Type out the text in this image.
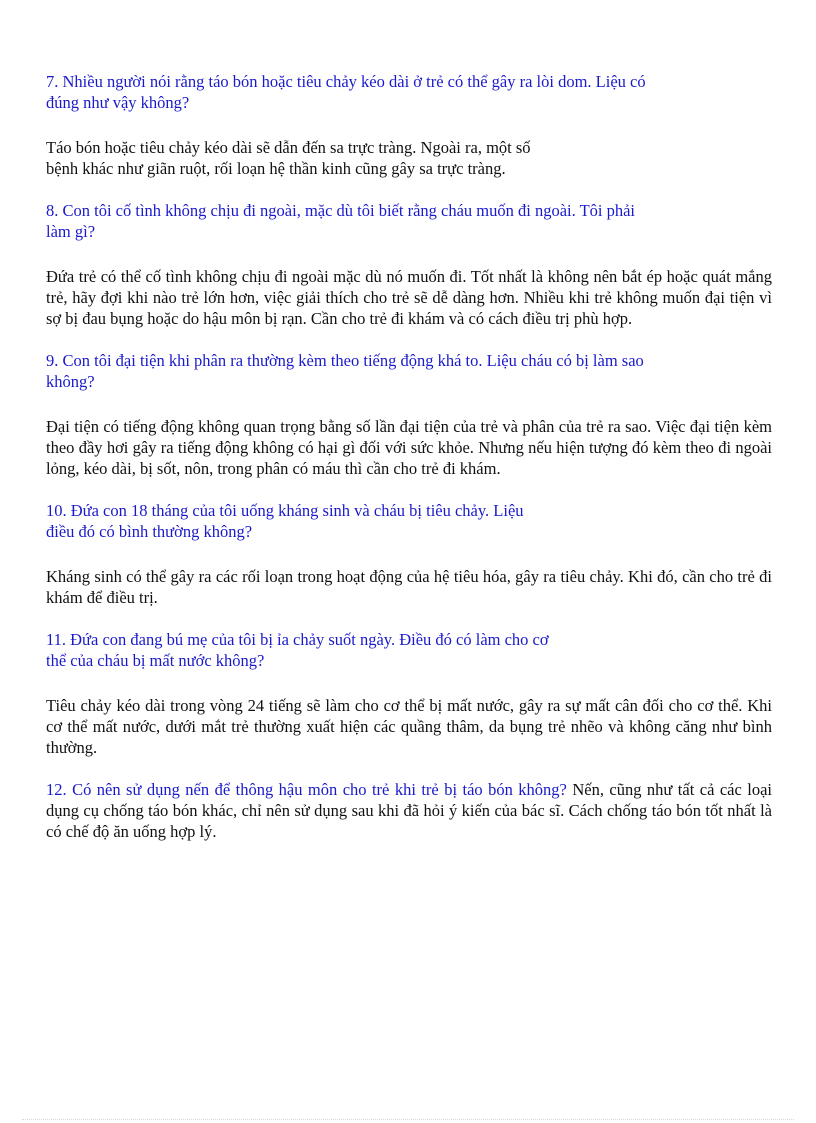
7. Nhiều người nói rằng táo bón hoặc tiêu chảy kéo dài ở trẻ có thể gây ra lòi dom. Liệu có
đúng như vậy không?

Táo bón hoặc tiêu chảy kéo dài sẽ dẫn đến sa trực tràng. Ngoài ra, một số
bệnh khác như giãn ruột, rối loạn hệ thần kinh cũng gây sa trực tràng.

8. Con tôi cố tình không chịu đi ngoài, mặc dù tôi biết rằng cháu muốn đi ngoài. Tôi phải
làm gì?

Đứa trẻ có thể cố tình không chịu đi ngoài mặc dù nó muốn đi. Tốt nhất là không nên bắt ép hoặc quát mắng trẻ, hãy đợi khi nào trẻ lớn hơn, việc giải thích cho trẻ sẽ dễ dàng hơn. Nhiều khi trẻ không muốn đại tiện vì sợ bị đau bụng hoặc do hậu môn bị rạn. Cần cho trẻ đi khám và có cách điều trị phù hợp.

9. Con tôi đại tiện khi phân ra thường kèm theo tiếng động khá to. Liệu cháu có bị làm sao
không?

Đại tiện có tiếng động không quan trọng bằng số lần đại tiện của trẻ và phân của trẻ ra sao. Việc đại tiện kèm theo đầy hơi gây ra tiếng động không có hại gì đối với sức khỏe. Nhưng nếu hiện tượng đó kèm theo đi ngoài lỏng, kéo dài, bị sốt, nôn, trong phân có máu thì cần cho trẻ đi khám.

10. Đứa con 18 tháng của tôi uống kháng sinh và cháu bị tiêu chảy. Liệu
điều đó có bình thường không?

Kháng sinh có thể gây ra các rối loạn trong hoạt động của hệ tiêu hóa, gây ra tiêu chảy. Khi đó, cần cho trẻ đi khám để điều trị.

11. Đứa con đang bú mẹ của tôi bị ỉa chảy suốt ngày. Điều đó có làm cho cơ
thể của cháu bị mất nước không?

Tiêu chảy kéo dài trong vòng 24 tiếng sẽ làm cho cơ thể bị mất nước, gây ra sự mất cân đối cho cơ thể. Khi cơ thể mất nước, dưới mắt trẻ thường xuất hiện các quầng thâm, da bụng trẻ nhẽo và không căng như bình thường.

12. Có nên sử dụng nến để thông hậu môn cho trẻ khi trẻ bị táo bón không? Nến, cũng như tất cả các loại dụng cụ chống táo bón khác, chỉ nên sử dụng sau khi đã hỏi ý kiến của bác sĩ. Cách chống táo bón tốt nhất là có chế độ ăn uống hợp lý.
